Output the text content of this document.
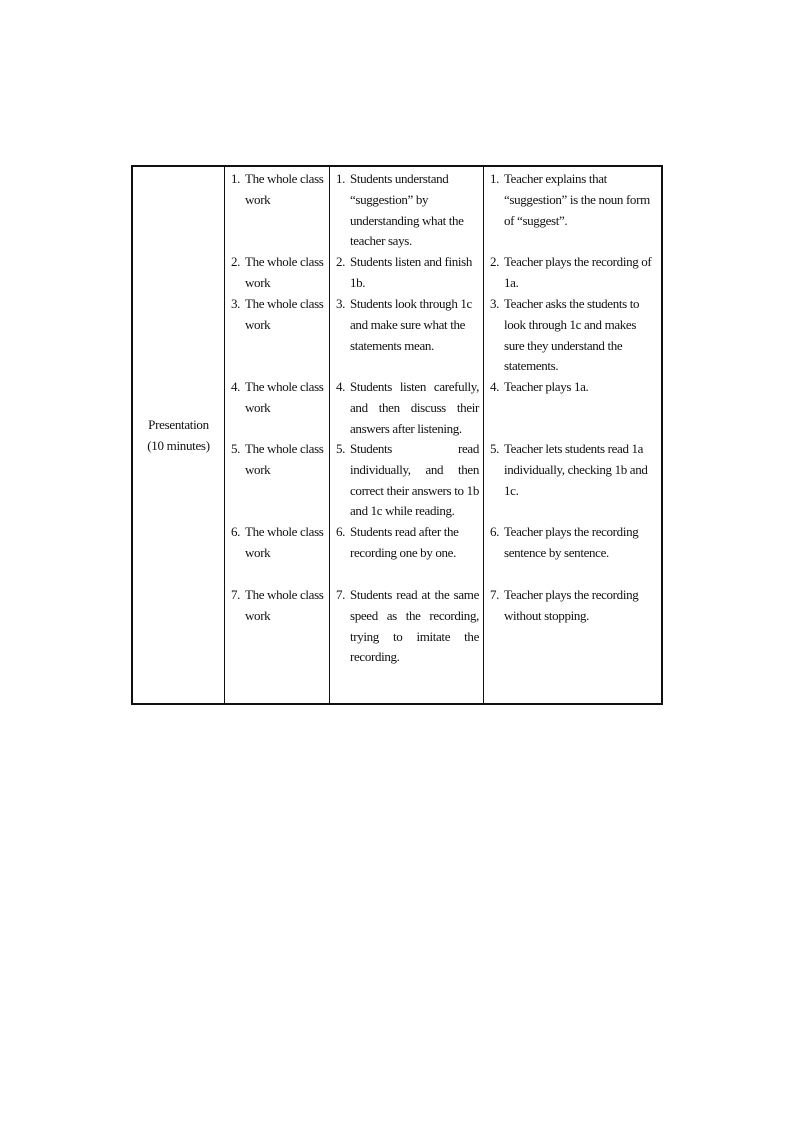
Presentation
(10 minutes)
1. The whole class work
2. The whole class work
3. The whole class work
4. The whole class work
5. The whole class work
6. The whole class work
7. The whole class work
1. Students understand “suggestion” by understanding what the teacher says.
2. Students listen and finish 1b.
3. Students look through 1c and make sure what the statements mean.
4. Students listen carefully, and then discuss their answers after listening.
5. Students read individually, and then correct their answers to 1b and 1c while reading.
6. Students read after the recording one by one.
7. Students read at the same speed as the recording, trying to imitate the recording.
1. Teacher explains that “suggestion” is the noun form of “suggest”.
2. Teacher plays the recording of 1a.
3. Teacher asks the students to look through 1c and makes sure they understand the statements.
4. Teacher plays 1a.
5. Teacher lets students read 1a individually, checking 1b and 1c.
6. Teacher plays the recording sentence by sentence.
7. Teacher plays the recording without stopping.
